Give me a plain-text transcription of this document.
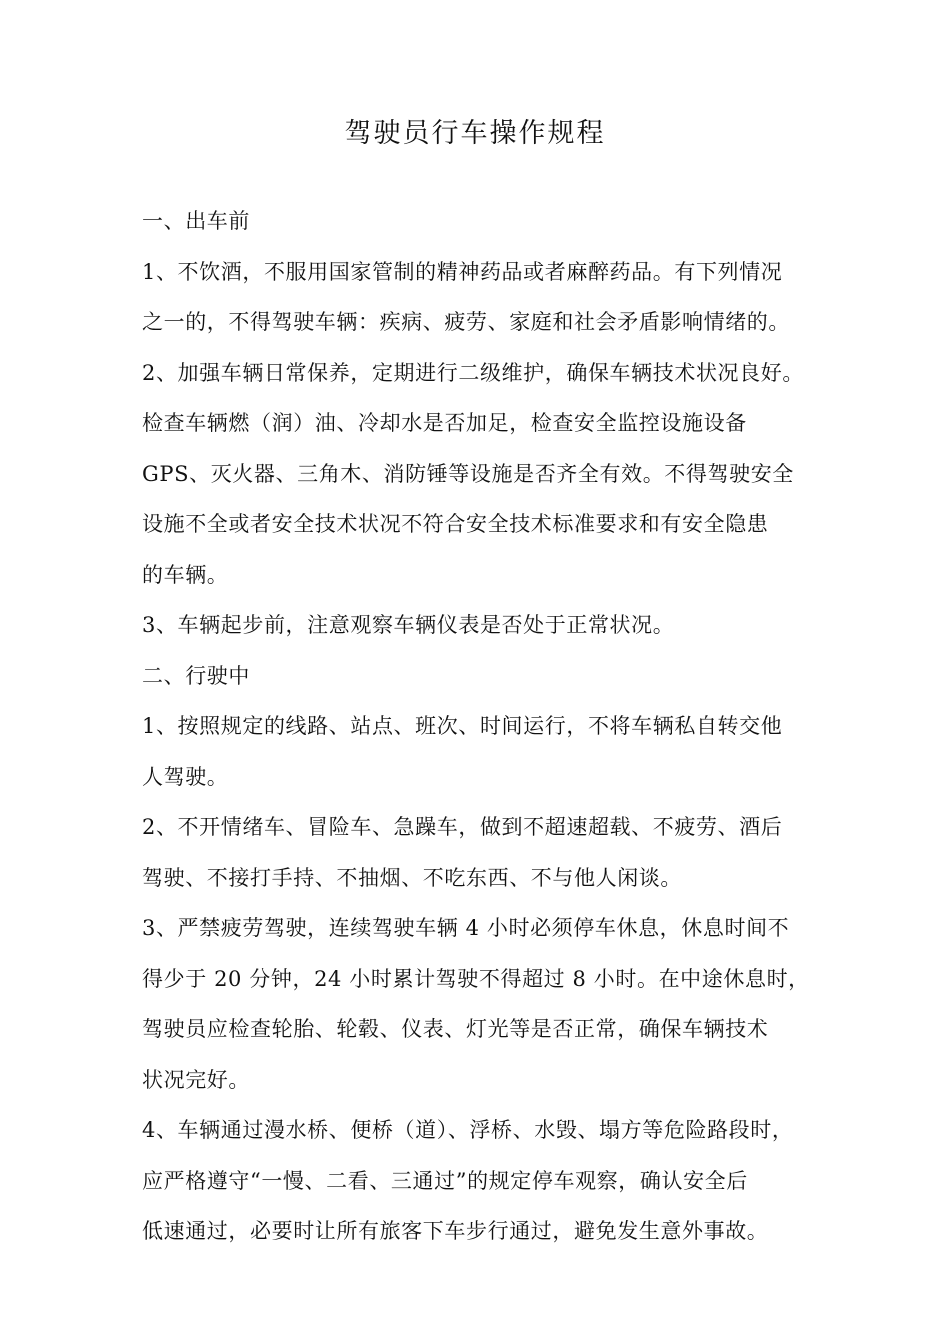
驾驶员行车操作规程
一、出车前
1、不饮酒，不服用国家管制的精神药品或者麻醉药品。有下列情况
之一的，不得驾驶车辆：疾病、疲劳、家庭和社会矛盾影响情绪的。
2、加强车辆日常保养，定期进行二级维护，确保车辆技术状况良好。
检查车辆燃（润）油、冷却水是否加足，检查安全监控设施设备
GPS、灭火器、三角木、消防锤等设施是否齐全有效。不得驾驶安全
设施不全或者安全技术状况不符合安全技术标准要求和有安全隐患
的车辆。
3、车辆起步前，注意观察车辆仪表是否处于正常状况。
二、行驶中
1、按照规定的线路、站点、班次、时间运行，不将车辆私自转交他
人驾驶。
2、不开情绪车、冒险车、急躁车，做到不超速超载、不疲劳、酒后
驾驶、不接打手持、不抽烟、不吃东西、不与他人闲谈。
3、严禁疲劳驾驶，连续驾驶车辆 4 小时必须停车休息，休息时间不
得少于 20 分钟，24 小时累计驾驶不得超过 8 小时。在中途休息时，
驾驶员应检查轮胎、轮毂、仪表、灯光等是否正常，确保车辆技术
状况完好。
4、车辆通过漫水桥、便桥（道）、浮桥、水毁、塌方等危险路段时，
应严格遵守“一慢、二看、三通过”的规定停车观察，确认安全后
低速通过，必要时让所有旅客下车步行通过，避免发生意外事故。
